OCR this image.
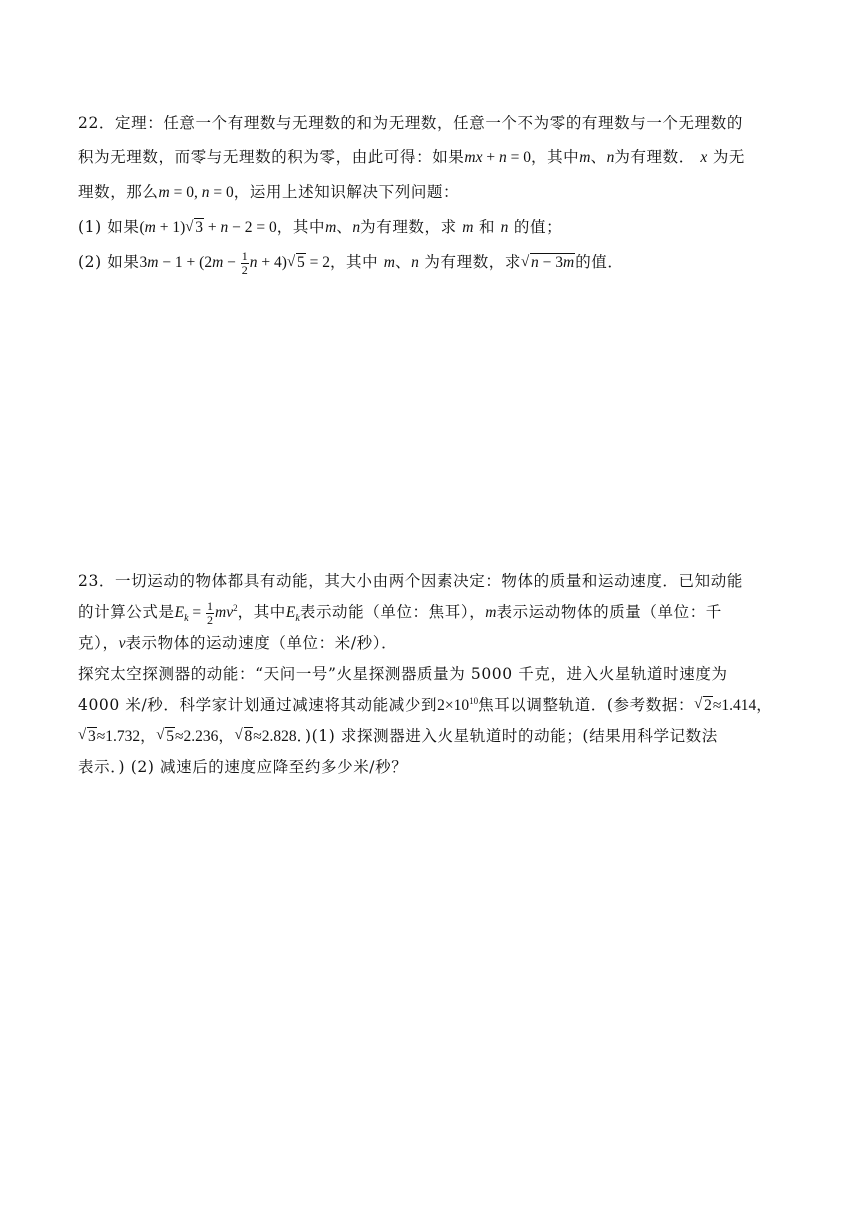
22．定理：任意一个有理数与无理数的和为无理数，任意一个不为零的有理数与一个无理数的
积为无理数，而零与无理数的积为零，由此可得：如果mx + n = 0，其中m、n为有理数． x 为无
理数，那么m = 0, n = 0，运用上述知识解决下列问题：
(1) 如果(m + 1) √ 3 + n − 2 = 0，其中m、n为有理数，求 m 和 n 的值；
(2) 如果$3m - 1 + (2m - \frac{1}{2}$ n + 4) √ 5 = 2，其中 m、n 为有理数，求 √ n − 3m的值．
23．一切运动的物体都具有动能，其大小由两个因素决定：物体的质量和运动速度．已知动能
的计算公式是$E_k = \frac{1}{2} mv^2$，其中$E_k$表示动能（单位：焦耳），m表示运动物体的质量（单位：千
克），v表示物体的运动速度（单位：米/秒）．
探究太空探测器的动能：“天问一号”火星探测器质量为 5000 千克，进入火星轨道时速度为
4000 米/秒．科学家计划通过减速将其动能减少到$2\times 10^{10}$焦耳以调整轨道．(参考数据： √ 2≈1.414，
√ 3≈1.732， √ 5≈2.236， √ 8≈2.828．)(1) 求探测器进入火星轨道时的动能；(结果用科学记数法
表示．) (2) 减速后的速度应降至约多少米/秒？
